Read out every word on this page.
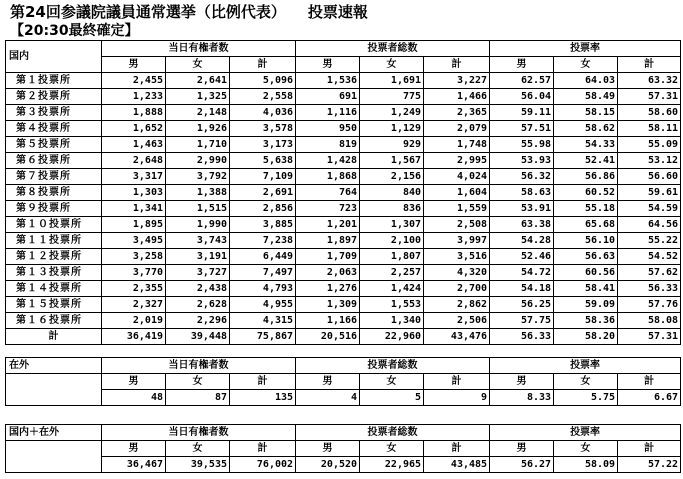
第24回参議院議員通常選挙（比例代表） 投票速報
【20:30最終確定】
国内	当日有権者数			投票者総数			投票率		
	男	女	計	男	女	計	男	女	計
第１投票所	2,455	2,641	5,096	1,536	1,691	3,227	62.57	64.03	63.32
第２投票所	1,233	1,325	2,558	691	775	1,466	56.04	58.49	57.31
第３投票所	1,888	2,148	4,036	1,116	1,249	2,365	59.11	58.15	58.60
第４投票所	1,652	1,926	3,578	950	1,129	2,079	57.51	58.62	58.11
第５投票所	1,463	1,710	3,173	819	929	1,748	55.98	54.33	55.09
第６投票所	2,648	2,990	5,638	1,428	1,567	2,995	53.93	52.41	53.12
第７投票所	3,317	3,792	7,109	1,868	2,156	4,024	56.32	56.86	56.60
第８投票所	1,303	1,388	2,691	764	840	1,604	58.63	60.52	59.61
第９投票所	1,341	1,515	2,856	723	836	1,559	53.91	55.18	54.59
第１０投票所	1,895	1,990	3,885	1,201	1,307	2,508	63.38	65.68	64.56
第１１投票所	3,495	3,743	7,238	1,897	2,100	3,997	54.28	56.10	55.22
第１２投票所	3,258	3,191	6,449	1,709	1,807	3,516	52.46	56.63	54.52
第１３投票所	3,770	3,727	7,497	2,063	2,257	4,320	54.72	60.56	57.62
第１４投票所	2,355	2,438	4,793	1,276	1,424	2,700	54.18	58.41	56.33
第１５投票所	2,327	2,628	4,955	1,309	1,553	2,862	56.25	59.09	57.76
第１６投票所	2,019	2,296	4,315	1,166	1,340	2,506	57.75	58.36	58.08
計	36,419	39,448	75,867	20,516	22,960	43,476	56.33	58.20	57.31
在外	当日有権者数			投票者総数			投票率		
	男	女	計	男	女	計	男	女	計
	48	87	135	4	5	9	8.33	5.75	6.67
国内＋在外	当日有権者数			投票者総数			投票率		
	男	女	計	男	女	計	男	女	計
	36,467	39,535	76,002	20,520	22,965	43,485	56.27	58.09	57.22
